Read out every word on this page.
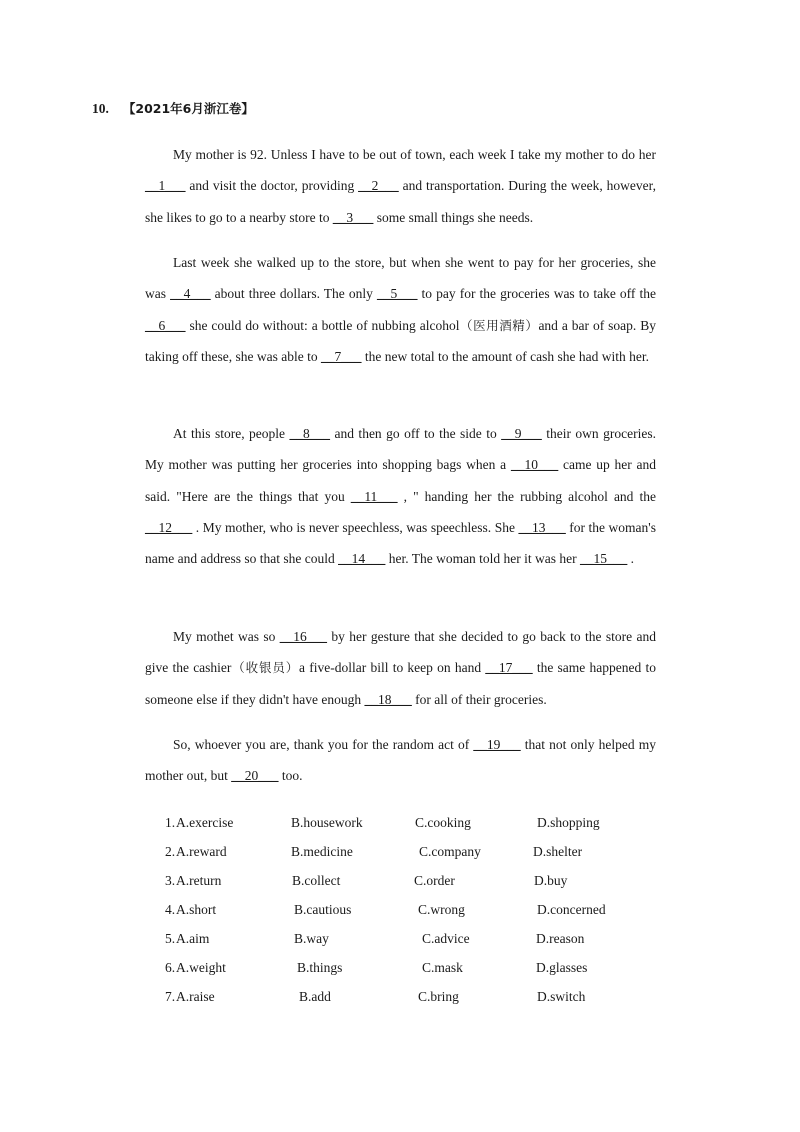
10. 【2021年6月浙江卷】

My mother is 92. Unless I have to be out of town, each week I take my mother to do her __1___ and visit the doctor, providing __2___ and transportation. During the week, however, she likes to go to a nearby store to __3___ some small things she needs.

Last week she walked up to the store, but when she went to pay for her groceries, she was __4___ about three dollars. The only __5___ to pay for the groceries was to take off the __6___ she could do without: a bottle of nubbing alcohol（医用酒精）and a bar of soap. By taking off these, she was able to __7___ the new total to the amount of cash she had with her.

At this store, people __8___ and then go off to the side to __9___ their own groceries. My mother was putting her groceries into shopping bags when a __10___ came up her and said. "Here are the things that you __11___ , " handing her the rubbing alcohol and the __12___ . My mother, who is never speechless, was speechless. She __13___ for the woman's name and address so that she could __14___ her. The woman told her it was her __15___ .

My mothet was so __16___ by her gesture that she decided to go back to the store and give the cashier（收银员）a five-dollar bill to keep on hand __17___ the same happened to someone else if they didn't have enough __18___ for all of their groceries.

So, whoever you are, thank you for the random act of __19___ that not only helped my mother out, but __20___ too.

1. A.exercise	B.housework	C.cooking	D.shopping
2. A.reward	B.medicine	C.company	D.shelter
3. A.return	B.collect	C.order	D.buy
4. A.short	B.cautious	C.wrong	D.concerned
5. A.aim	B.way	C.advice	D.reason
6. A.weight	B.things	C.mask	D.glasses
7. A.raise	B.add	C.bring	D.switch
